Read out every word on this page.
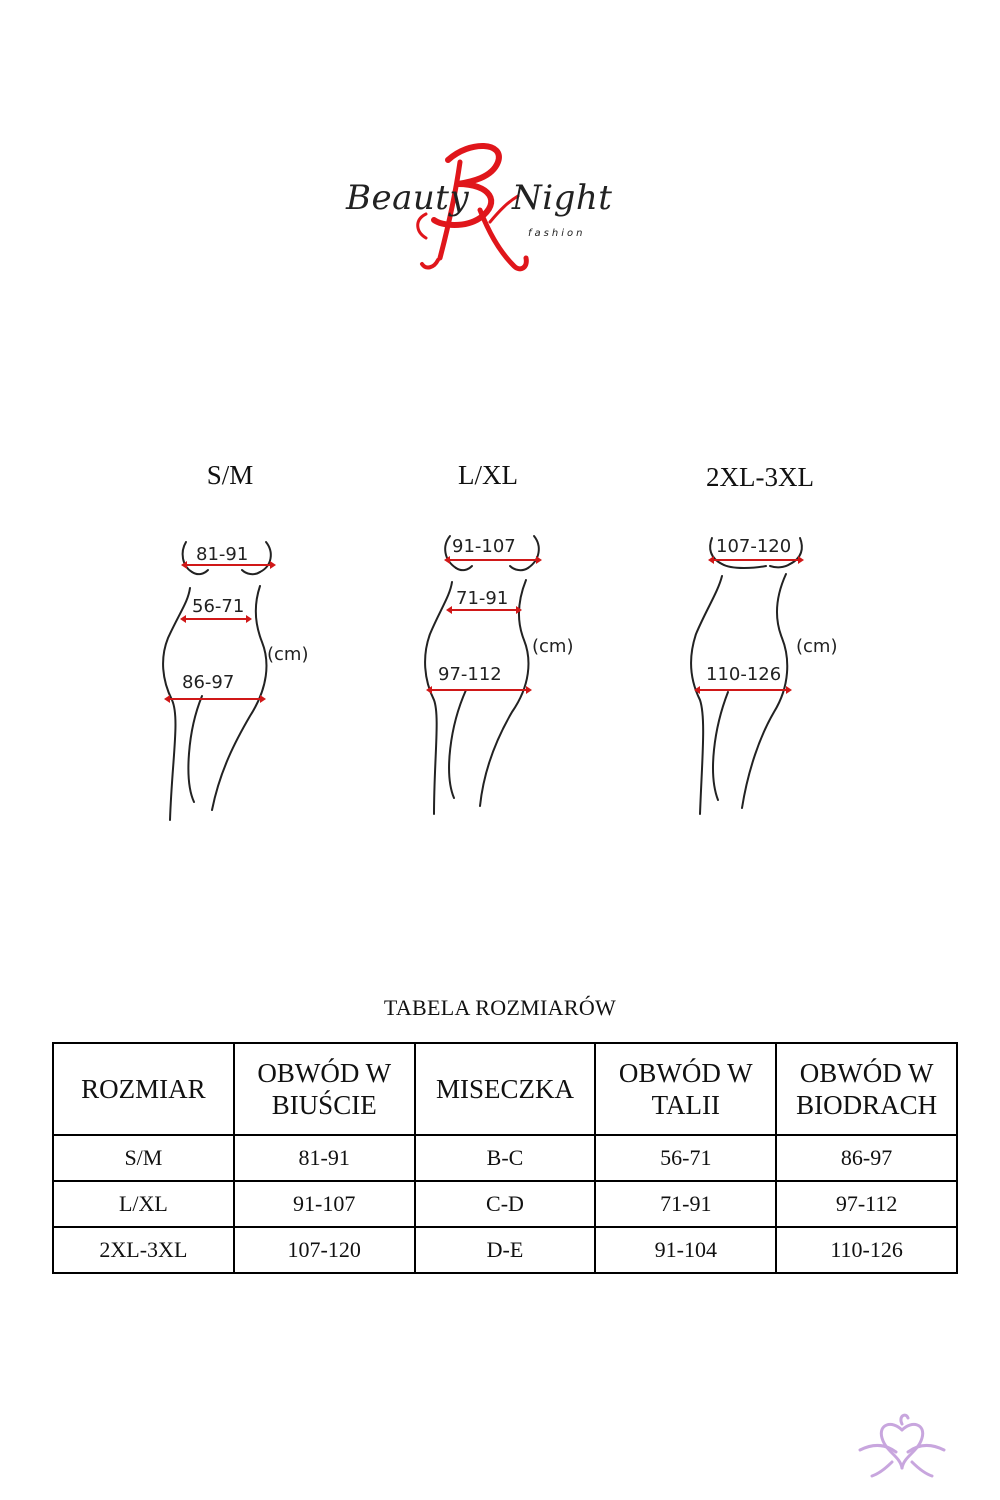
Beauty Night
fashion
S/M	L/XL	2XL-3XL
81-91
56-71
86-97
(cm)
91-107
71-91
97-112
(cm)
107-120
110-126
(cm)
TABELA ROZMIARÓW
ROZMIAR	OBWÓD W BIUŚCIE	MISECZKA	OBWÓD W TALII	OBWÓD W BIODRACH
S/M	81-91	B-C	56-71	86-97
L/XL	91-107	C-D	71-91	97-112
2XL-3XL	107-120	D-E	91-104	110-126
